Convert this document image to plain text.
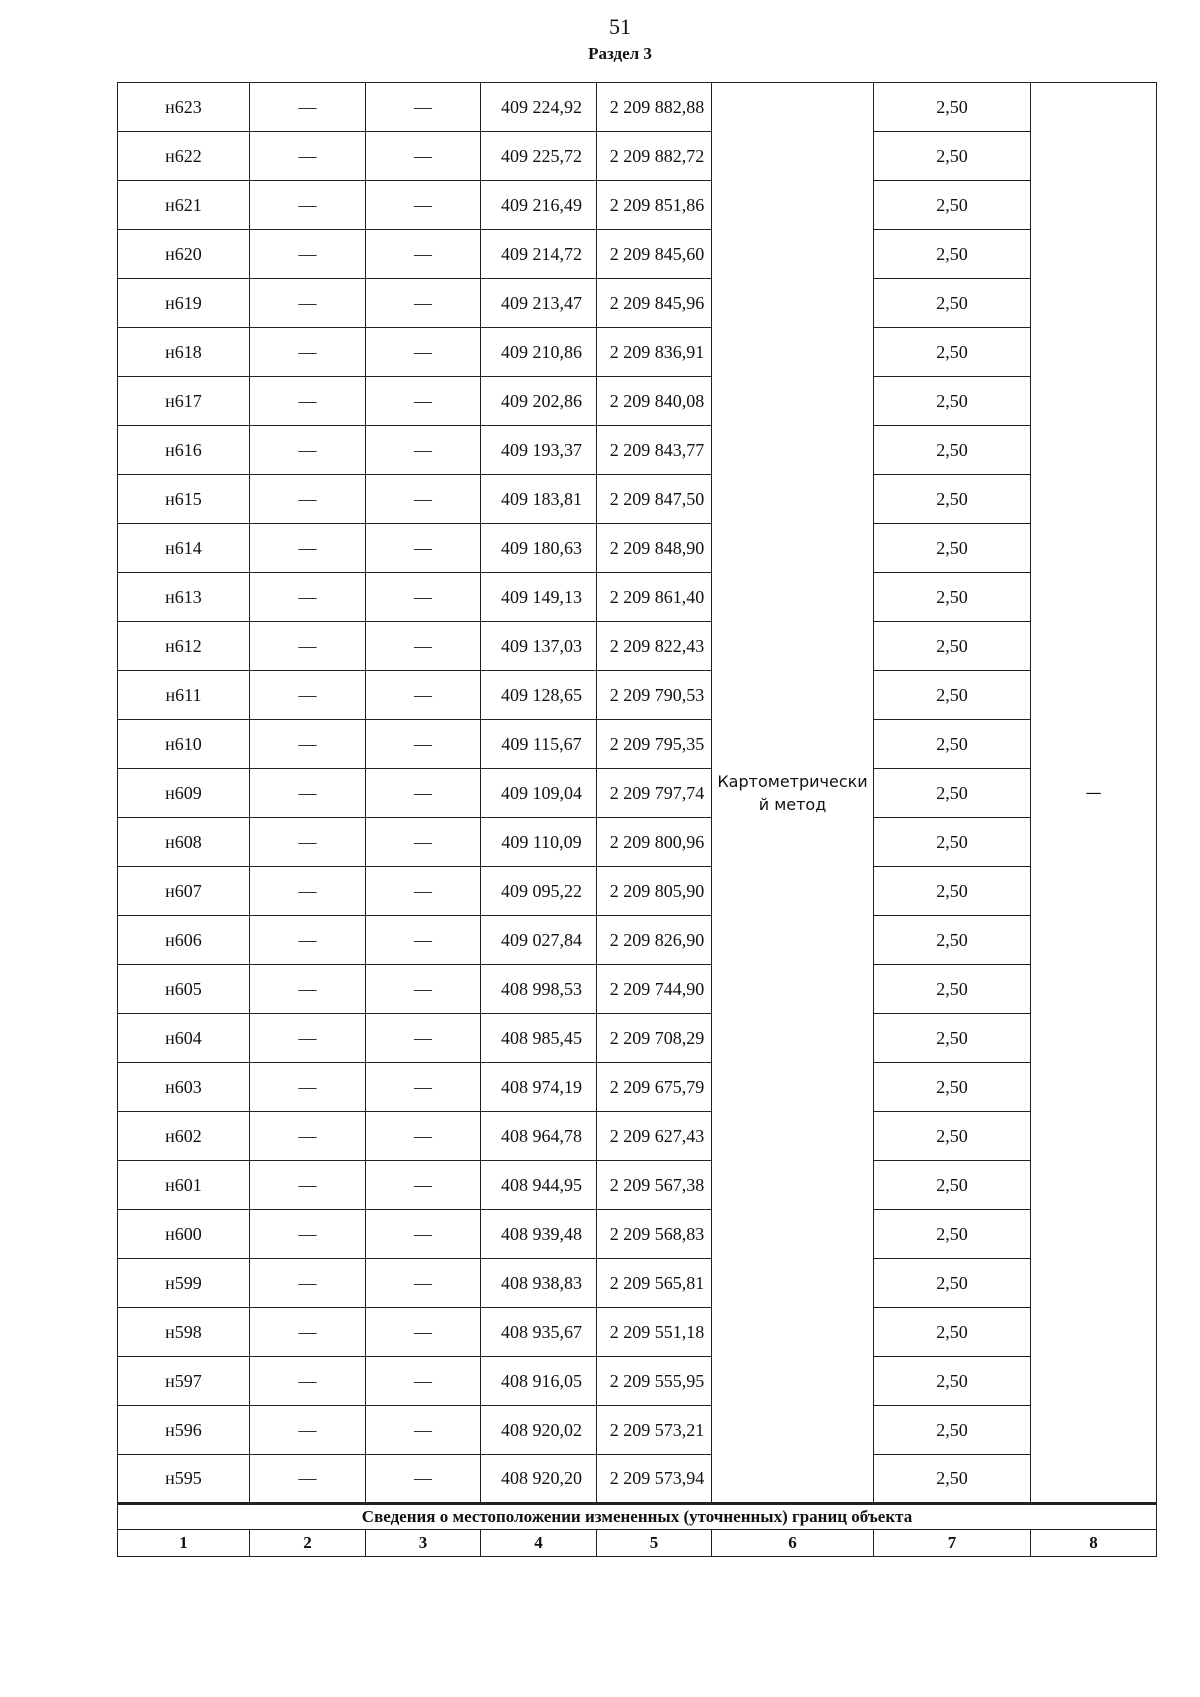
51
Раздел 3
н623	—	—	409 224,92	2 209 882,88	Картометрически й метод	2,50	—
н622	—	—	409 225,72	2 209 882,72		2,50	
н621	—	—	409 216,49	2 209 851,86		2,50	
н620	—	—	409 214,72	2 209 845,60		2,50	
н619	—	—	409 213,47	2 209 845,96		2,50	
н618	—	—	409 210,86	2 209 836,91		2,50	
н617	—	—	409 202,86	2 209 840,08		2,50	
н616	—	—	409 193,37	2 209 843,77		2,50	
н615	—	—	409 183,81	2 209 847,50		2,50	
н614	—	—	409 180,63	2 209 848,90		2,50	
н613	—	—	409 149,13	2 209 861,40		2,50	
н612	—	—	409 137,03	2 209 822,43		2,50	
н611	—	—	409 128,65	2 209 790,53		2,50	
н610	—	—	409 115,67	2 209 795,35		2,50	
н609	—	—	409 109,04	2 209 797,74		2,50	
н608	—	—	409 110,09	2 209 800,96		2,50	
н607	—	—	409 095,22	2 209 805,90		2,50	
н606	—	—	409 027,84	2 209 826,90		2,50	
н605	—	—	408 998,53	2 209 744,90		2,50	
н604	—	—	408 985,45	2 209 708,29		2,50	
н603	—	—	408 974,19	2 209 675,79		2,50	
н602	—	—	408 964,78	2 209 627,43		2,50	
н601	—	—	408 944,95	2 209 567,38		2,50	
н600	—	—	408 939,48	2 209 568,83		2,50	
н599	—	—	408 938,83	2 209 565,81		2,50	
н598	—	—	408 935,67	2 209 551,18		2,50	
н597	—	—	408 916,05	2 209 555,95		2,50	
н596	—	—	408 920,02	2 209 573,21		2,50	
н595	—	—	408 920,20	2 209 573,94		2,50	
Сведения о местоположении измененных (уточненных) границ объекта							
1	2	3	4	5	6	7	8
